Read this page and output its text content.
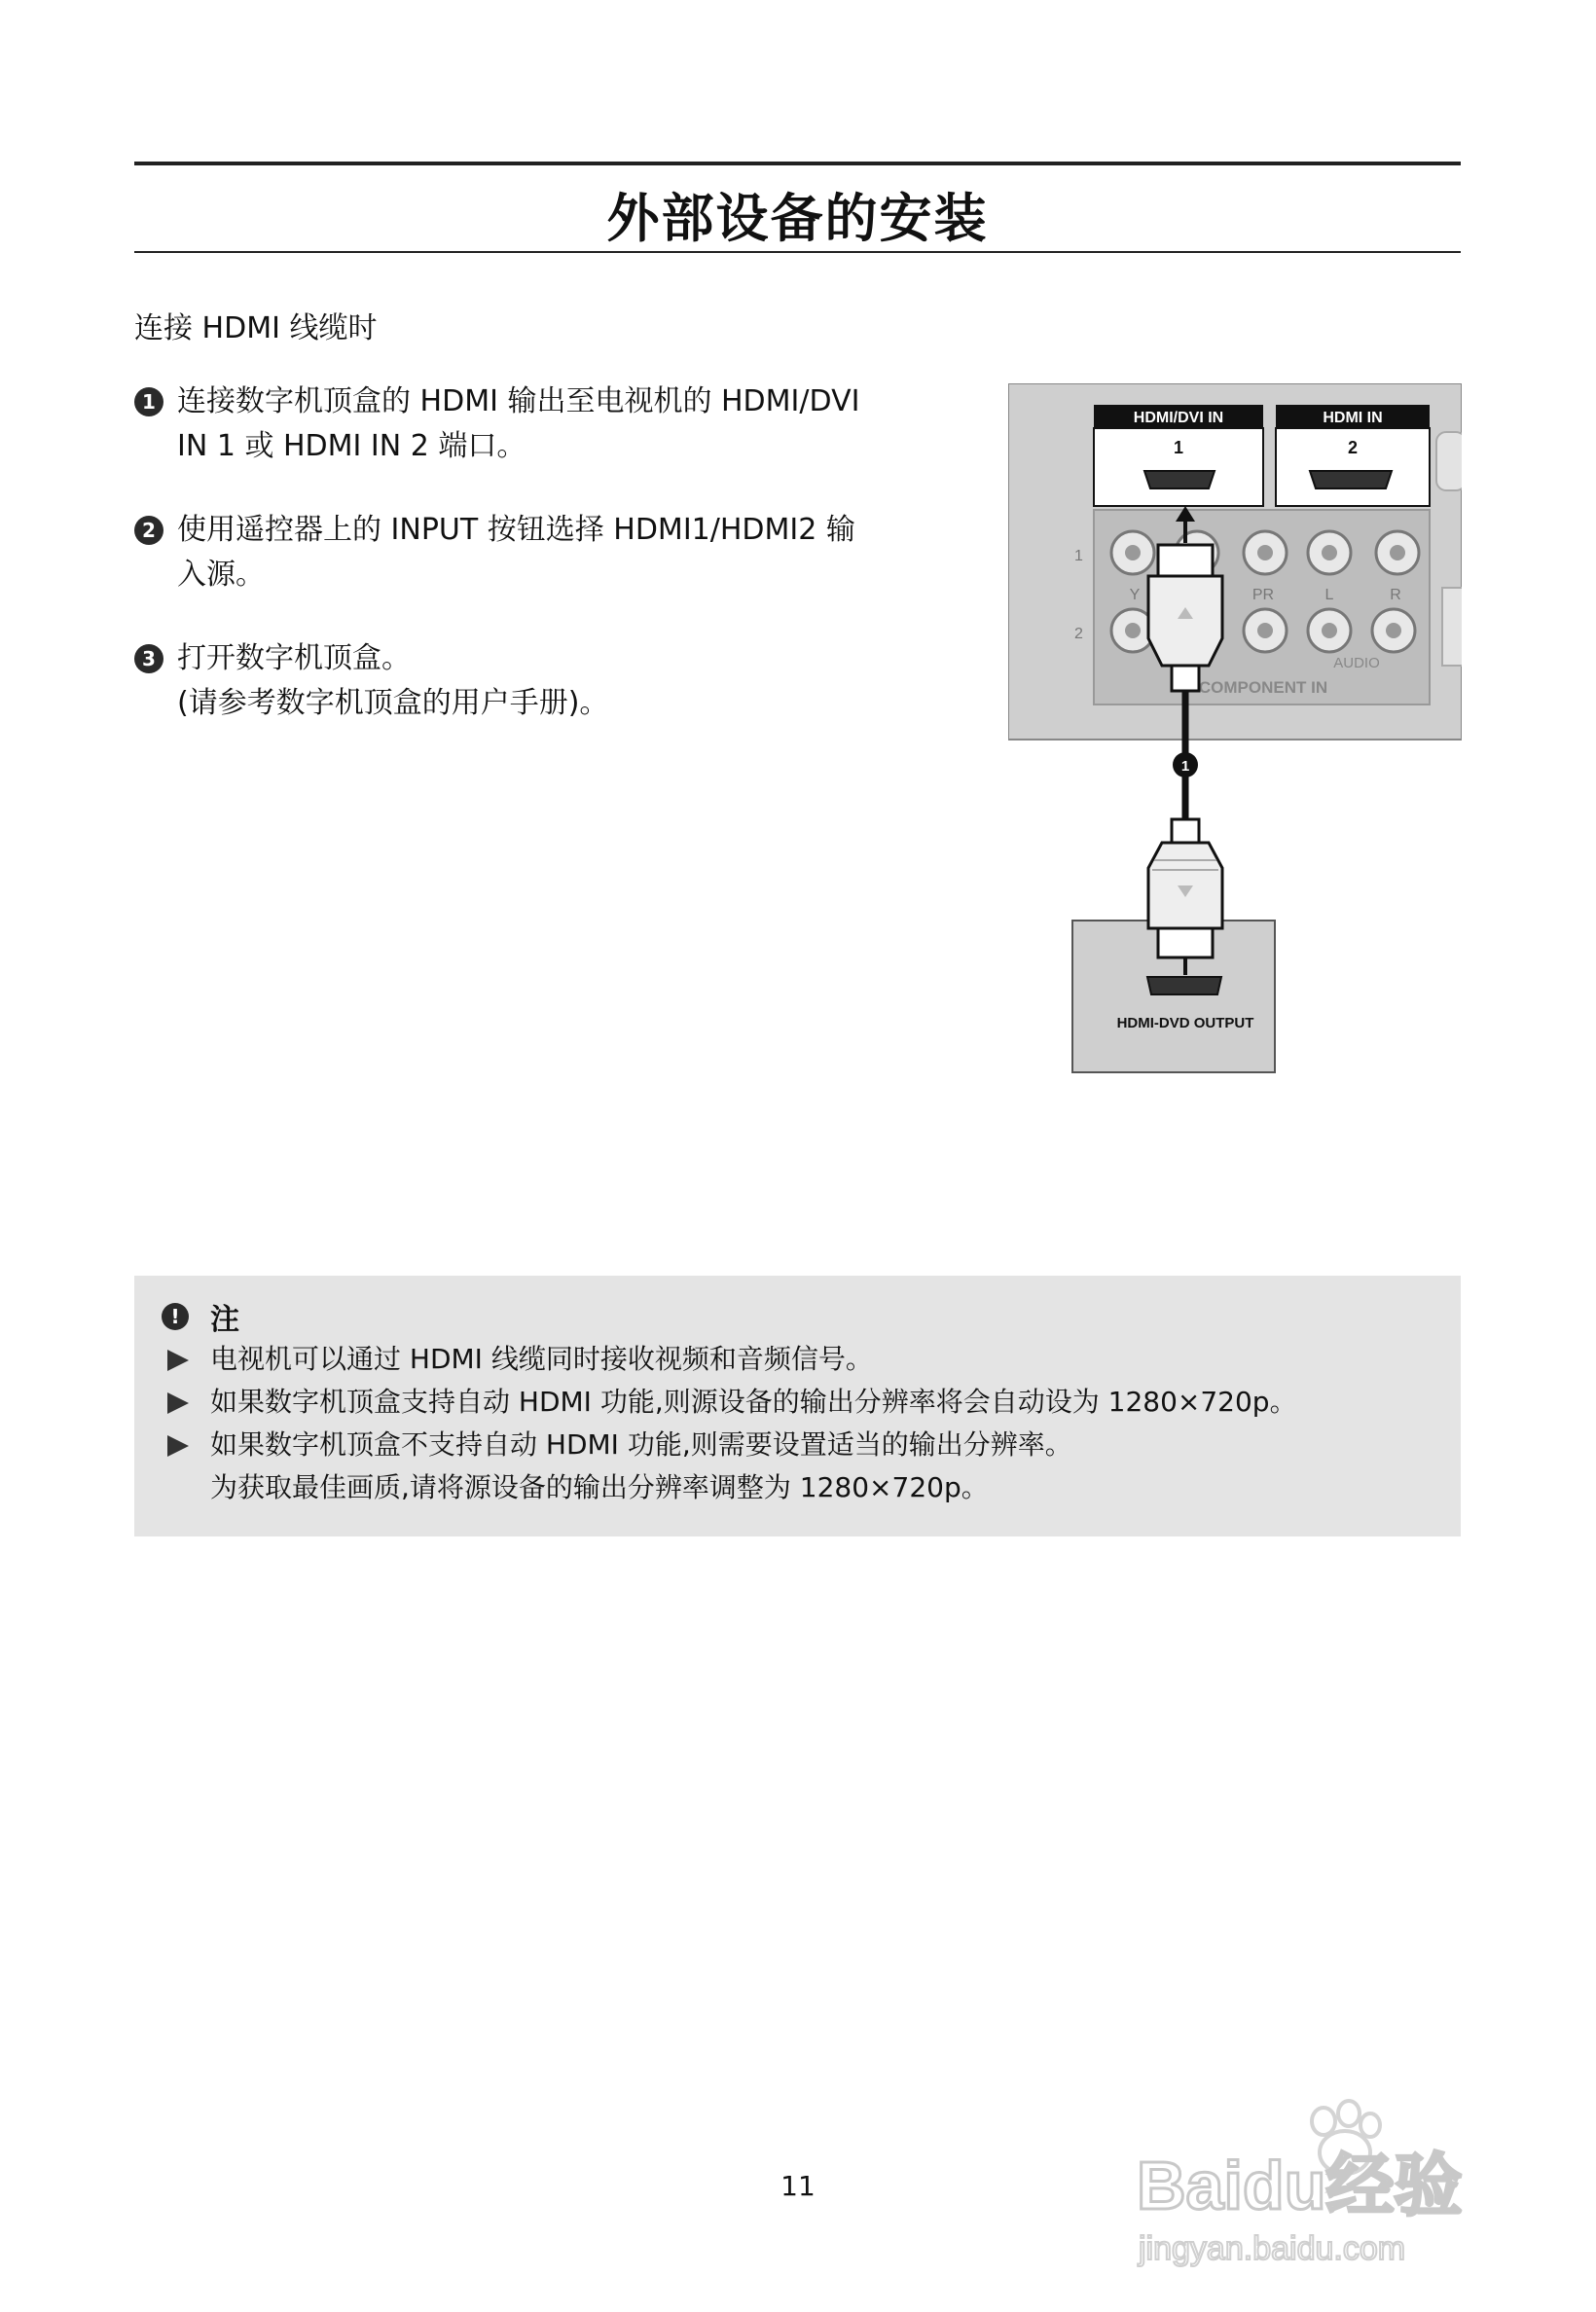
外部设备的安装
连接 HDMI 线缆时
1 连接数字机顶盒的 HDMI 输出至电视机的 HDMI/DVI

IN 1 或 HDMI IN 2 端口。

2 使用遥控器上的 INPUT 按钮选择 HDMI1/HDMI2 输

入源。

3 打开数字机顶盒。

(请参考数字机顶盒的用户手册)。

HDMI/DVI IN
1
HDMI IN
2
1
2
Y	PR	L	R
AUDIO
COMPONENT IN
1
HDMI-DVD OUTPUT
!	注

电视机可以通过 HDMI 线缆同时接收视频和音频信号。

如果数字机顶盒支持自动 HDMI 功能,则源设备的输出分辨率将会自动设为 1280×720p。

如果数字机顶盒不支持自动 HDMI 功能,则需要设置适当的输出分辨率。

为获取最佳画质,请将源设备的输出分辨率调整为 1280×720p。

11	Baidu经验
jingyan.baidu.com
